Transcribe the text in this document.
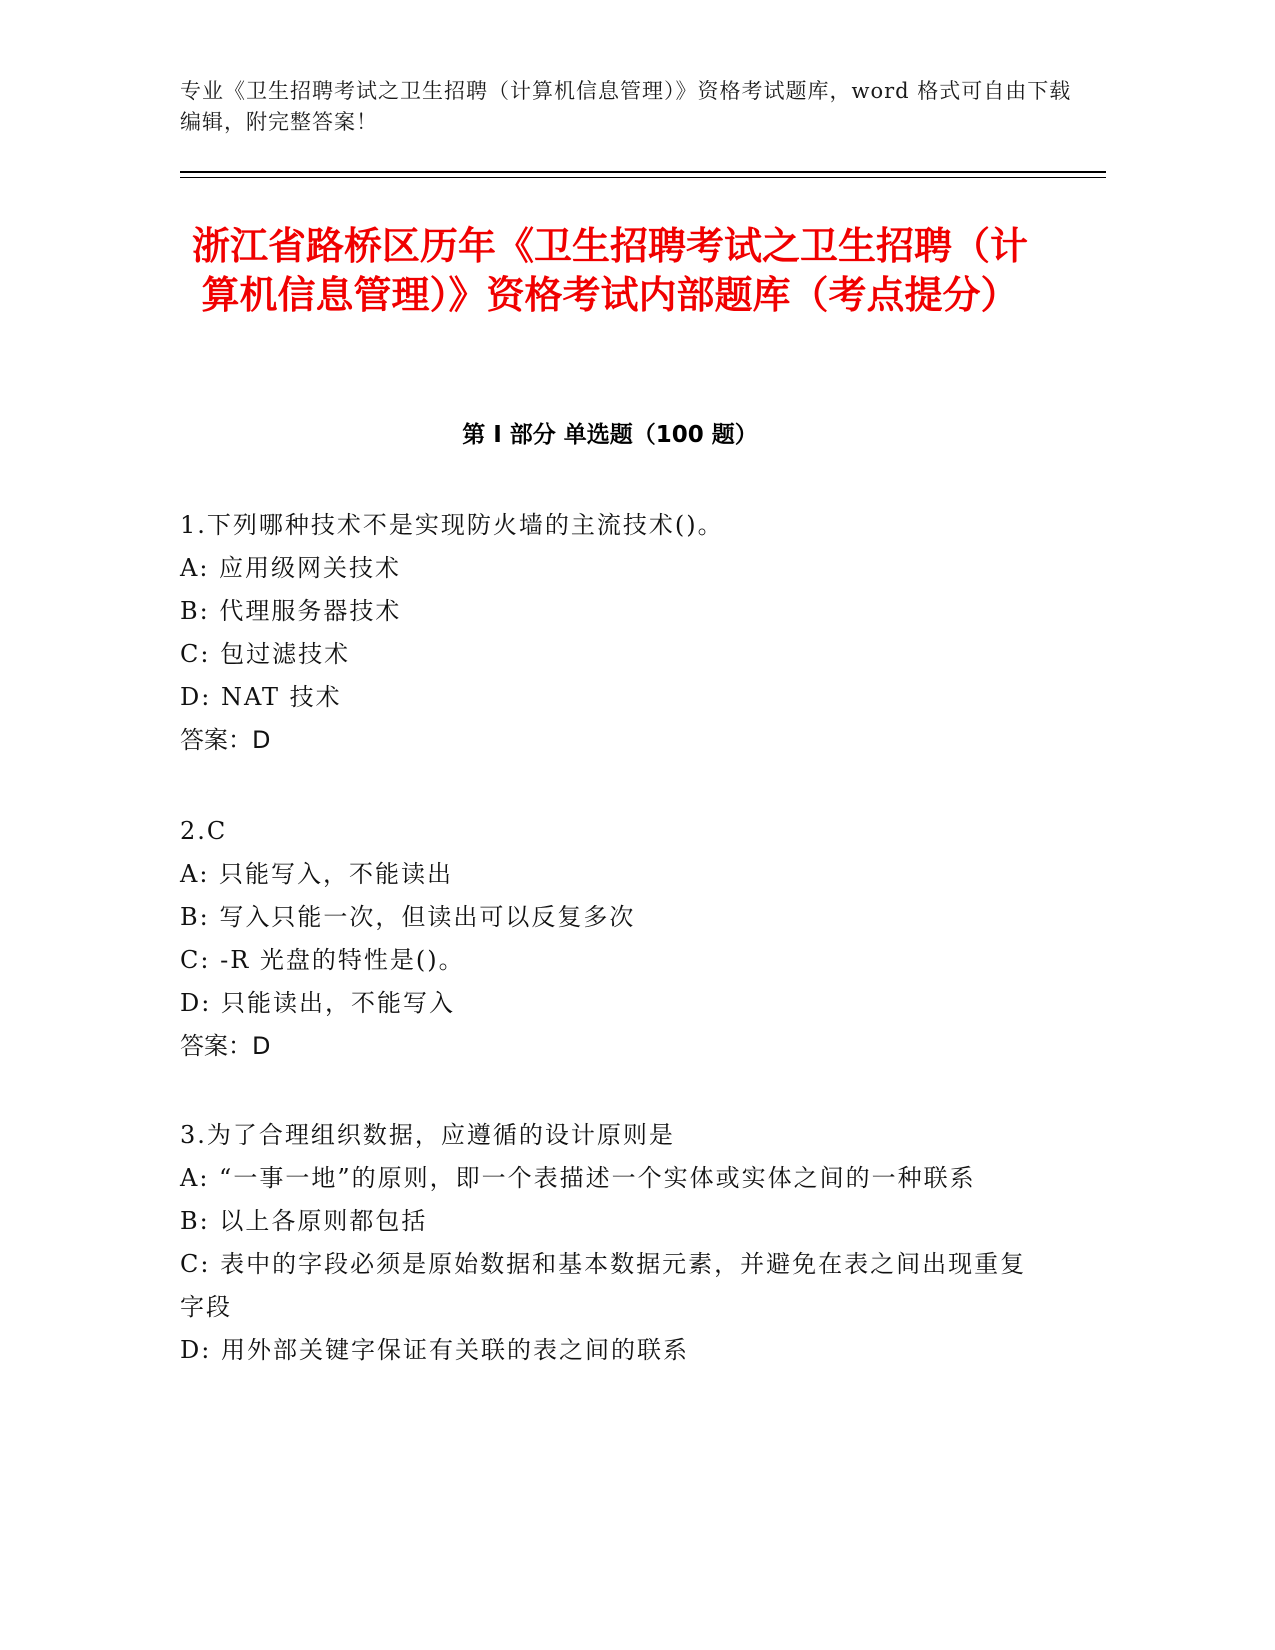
专业《卫生招聘考试之卫生招聘（计算机信息管理）》资格考试题库，word 格式可自由下载编辑，附完整答案！
浙江省路桥区历年《卫生招聘考试之卫生招聘（计算机信息管理）》资格考试内部题库（考点提分）
第 I 部分 单选题（100 题）
1.下列哪种技术不是实现防火墙的主流技术()。
A: 应用级网关技术
B: 代理服务器技术
C: 包过滤技术
D: NAT 技术
答案：D
2.C
A: 只能写入，不能读出
B: 写入只能一次，但读出可以反复多次
C: -R 光盘的特性是()。
D: 只能读出，不能写入
答案：D
3.为了合理组织数据，应遵循的设计原则是
A: “一事一地”的原则，即一个表描述一个实体或实体之间的一种联系
B: 以上各原则都包括
C: 表中的字段必须是原始数据和基本数据元素，并避免在表之间出现重复字段
D: 用外部关键字保证有关联的表之间的联系
